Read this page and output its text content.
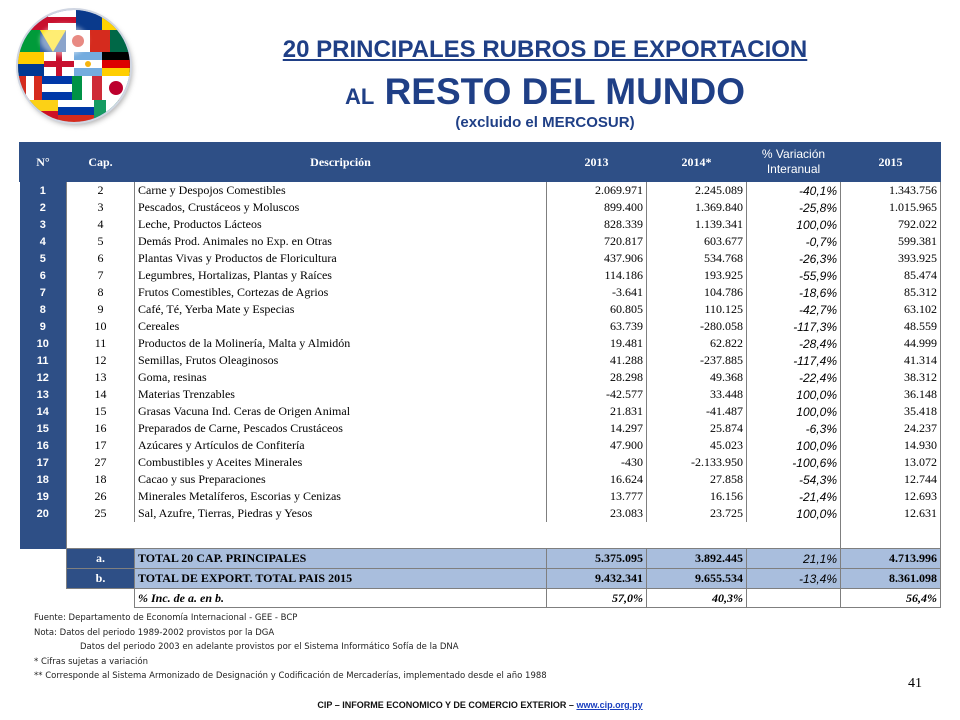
20 PRINCIPALES RUBROS DE EXPORTACION
AL RESTO DEL MUNDO
(excluido el MERCOSUR)
N°	Cap.	Descripción	2013	2014*	% Variación Interanual	2015
1	2	Carne y Despojos Comestibles	2.069.971	2.245.089	-40,1%	1.343.756
2	3	Pescados, Crustáceos y Moluscos	899.400	1.369.840	-25,8%	1.015.965
3	4	Leche, Productos Lácteos	828.339	1.139.341	100,0%	792.022
4	5	Demás Prod. Animales no Exp. en Otras	720.817	603.677	-0,7%	599.381
5	6	Plantas Vivas y Productos de Floricultura	437.906	534.768	-26,3%	393.925
6	7	Legumbres, Hortalizas, Plantas y Raíces	114.186	193.925	-55,9%	85.474
7	8	Frutos Comestibles, Cortezas de Agrios	-3.641	104.786	-18,6%	85.312
8	9	Café, Té, Yerba Mate y Especias	60.805	110.125	-42,7%	63.102
9	10	Cereales	63.739	-280.058	-117,3%	48.559
10	11	Productos de la Molinería, Malta y Almidón	19.481	62.822	-28,4%	44.999
11	12	Semillas, Frutos Oleaginosos	41.288	-237.885	-117,4%	41.314
12	13	Goma, resinas	28.298	49.368	-22,4%	38.312
13	14	Materias Trenzables	-42.577	33.448	100,0%	36.148
14	15	Grasas Vacuna Ind. Ceras de Origen Animal	21.831	-41.487	100,0%	35.418
15	16	Preparados de Carne, Pescados Crustáceos	14.297	25.874	-6,3%	24.237
16	17	Azúcares y Artículos de Confitería	47.900	45.023	100,0%	14.930
17	27	Combustibles y Aceites Minerales	-430	-2.133.950	-100,6%	13.072
18	18	Cacao y sus Preparaciones	16.624	27.858	-54,3%	12.744
19	26	Minerales Metalíferos, Escorias y Cenizas	13.777	16.156	-21,4%	12.693
20	25	Sal, Azufre, Tierras, Piedras y Yesos	23.083	23.725	100,0%	12.631

	a.	TOTAL 20 CAP. PRINCIPALES	5.375.095	3.892.445	21,1%	4.713.996
	b.	TOTAL DE EXPORT. TOTAL PAIS 2015	9.432.341	9.655.534	-13,4%	8.361.098
		% Inc. de a. en b.	57,0%	40,3%		56,4%
Fuente: Departamento de Economía Internacional - GEE - BCP
Nota: Datos del periodo 1989-2002 provistos por la DGA
Datos del periodo 2003 en adelante provistos por el Sistema Informático Sofía de la DNA
* Cifras sujetas a variación
** Corresponde al Sistema Armonizado de Designación y Codificación de Mercaderías, implementado desde el año 1988	41
CIP – INFORME ECONOMICO Y DE COMERCIO EXTERIOR – www.cip.org.py
